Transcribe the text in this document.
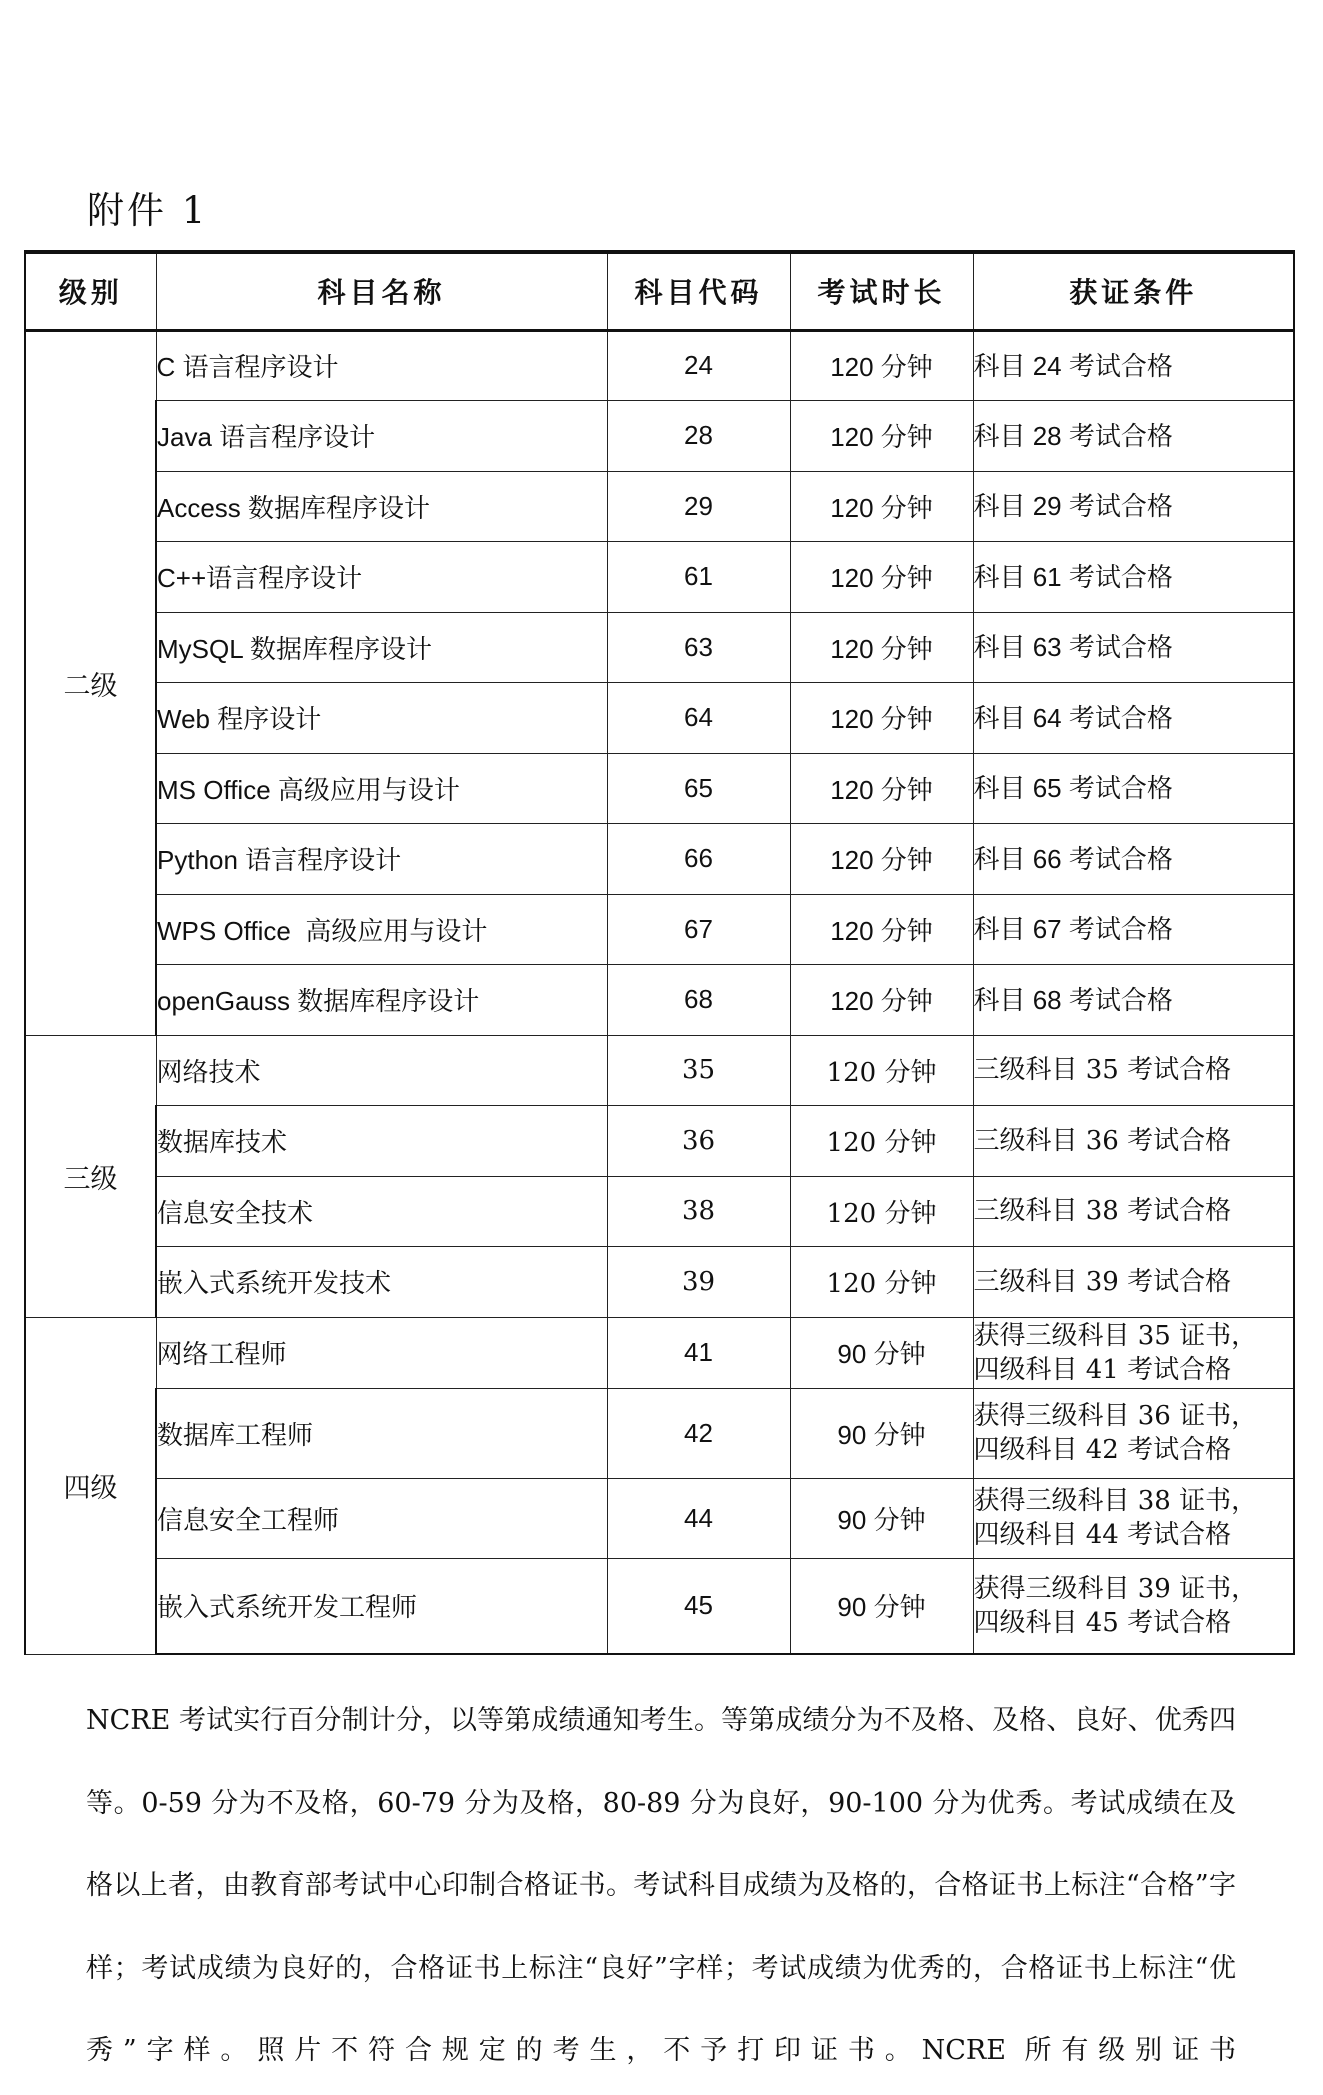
附件 1
级别	科目名称	科目代码	考试时长	获证条件
二级	C 语言程序设计	24	120 分钟	科目 24 考试合格
	Java 语言程序设计	28	120 分钟	科目 28 考试合格
	Access 数据库程序设计	29	120 分钟	科目 29 考试合格
	C++语言程序设计	61	120 分钟	科目 61 考试合格
	MySQL 数据库程序设计	63	120 分钟	科目 63 考试合格
	Web 程序设计	64	120 分钟	科目 64 考试合格
	MS Office 高级应用与设计	65	120 分钟	科目 65 考试合格
	Python 语言程序设计	66	120 分钟	科目 66 考试合格
	WPS Office  高级应用与设计	67	120 分钟	科目 67 考试合格
	openGauss 数据库程序设计	68	120 分钟	科目 68 考试合格
三级	网络技术	35	120 分钟	三级科目 35 考试合格
	数据库技术	36	120 分钟	三级科目 36 考试合格
	信息安全技术	38	120 分钟	三级科目 38 考试合格
	嵌入式系统开发技术	39	120 分钟	三级科目 39 考试合格
四级	网络工程师	41	90 分钟	获得三级科目 35 证书，
四级科目 41 考试合格

	数据库工程师	42	90 分钟	获得三级科目 36 证书，
四级科目 42 考试合格

	信息安全工程师	44	90 分钟	获得三级科目 38 证书，
四级科目 44 考试合格

	嵌入式系统开发工程师	45	90 分钟	获得三级科目 39 证书，
四级科目 45 考试合格

NCRE 考试实行百分制计分，以等第成绩通知考生。等第成绩分为不及格、及格、良好、优秀四等。0-59 分为不及格，60-79 分为及格，80-89 分为良好，90-100 分为优秀。考试成绩在及格以上者，由教育部考试中心印制合格证书。考试科目成绩为及格的，合格证书上标注“合格”字样；考试成绩为良好的，合格证书上标注“良好”字样；考试成绩为优秀的，合格证书上标注“优秀”字样。照片不符合规定的考生，不予打印证书。NCRE 所有级别证书
